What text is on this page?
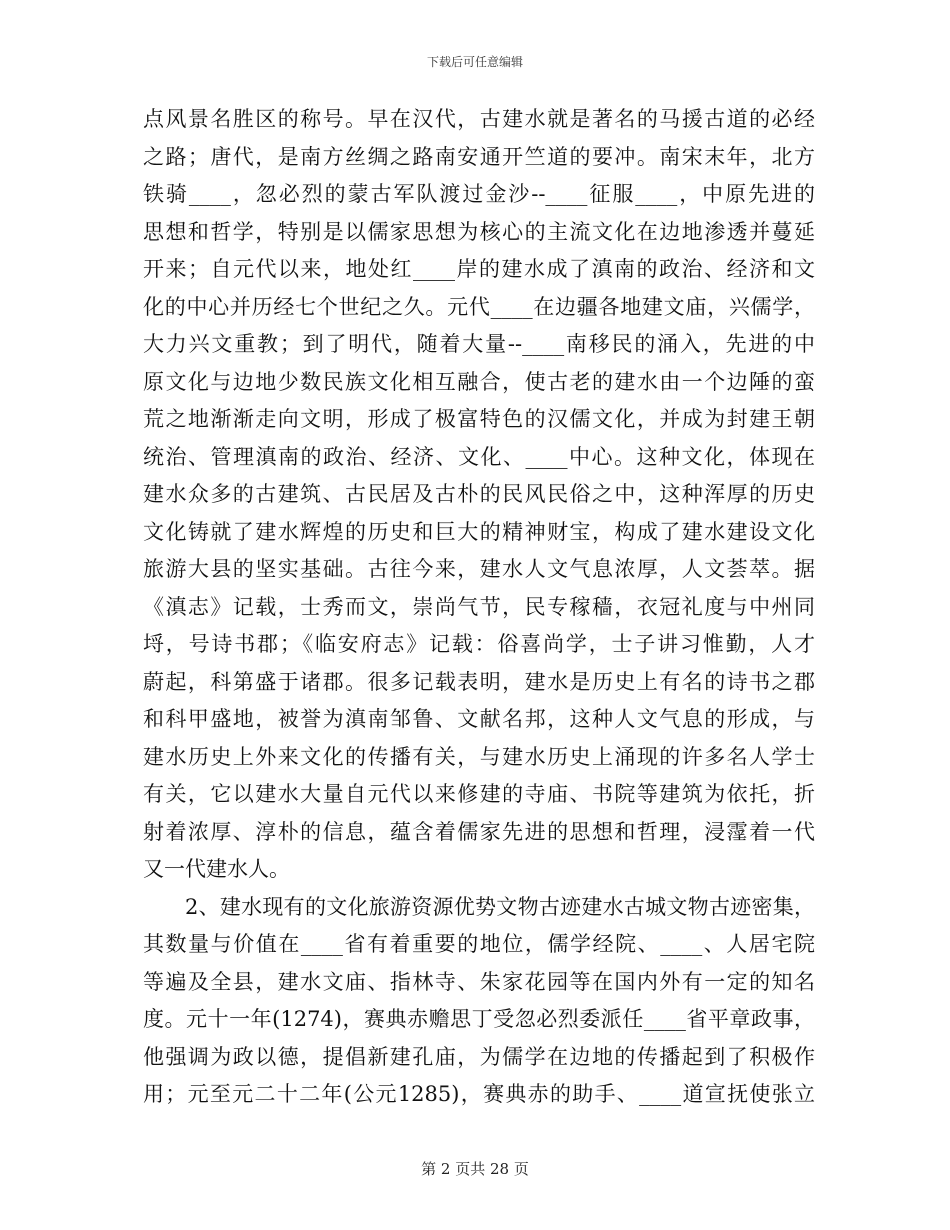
下载后可任意编辑
点风景名胜区的称号。早在汉代，古建水就是著名的马援古道的必经
之路；唐代，是南方丝绸之路南安通开竺道的要冲。南宋末年，北方
铁骑____，忽必烈的蒙古军队渡过金沙--____征服____，中原先进的
思想和哲学，特别是以儒家思想为核心的主流文化在边地渗透并蔓延
开来；自元代以来，地处红____岸的建水成了滇南的政治、经济和文
化的中心并历经七个世纪之久。元代____在边疆各地建文庙，兴儒学，
大力兴文重教；到了明代，随着大量--____南移民的涌入，先进的中
原文化与边地少数民族文化相互融合，使古老的建水由一个边陲的蛮
荒之地渐渐走向文明，形成了极富特色的汉儒文化，并成为封建王朝
统治、管理滇南的政治、经济、文化、____中心。这种文化，体现在
建水众多的古建筑、古民居及古朴的民风民俗之中，这种浑厚的历史
文化铸就了建水辉煌的历史和巨大的精神财宝，构成了建水建设文化
旅游大县的坚实基础。古往今来，建水人文气息浓厚，人文荟萃。据
《滇志》记载，士秀而文，崇尚气节，民专稼穑，衣冠礼度与中州同
埒，号诗书郡；《临安府志》记载：俗喜尚学，士子讲习惟勤，人才
蔚起，科第盛于诸郡。很多记载表明，建水是历史上有名的诗书之郡
和科甲盛地，被誉为滇南邹鲁、文献名邦，这种人文气息的形成，与
建水历史上外来文化的传播有关，与建水历史上涌现的许多名人学士
有关，它以建水大量自元代以来修建的寺庙、书院等建筑为依托，折
射着浓厚、淳朴的信息，蕴含着儒家先进的思想和哲理，浸霪着一代
又一代建水人。
2、建水现有的文化旅游资源优势文物古迹建水古城文物古迹密集，
其数量与价值在____省有着重要的地位，儒学经院、____、人居宅院
等遍及全县，建水文庙、指林寺、朱家花园等在国内外有一定的知名
度。元十一年(1274)，赛典赤赡思丁受忽必烈委派任____省平章政事，
他强调为政以德，提倡新建孔庙，为儒学在边地的传播起到了积极作
用；元至元二十二年(公元1285)，赛典赤的助手、____道宣抚使张立
第 2 页共 28 页
